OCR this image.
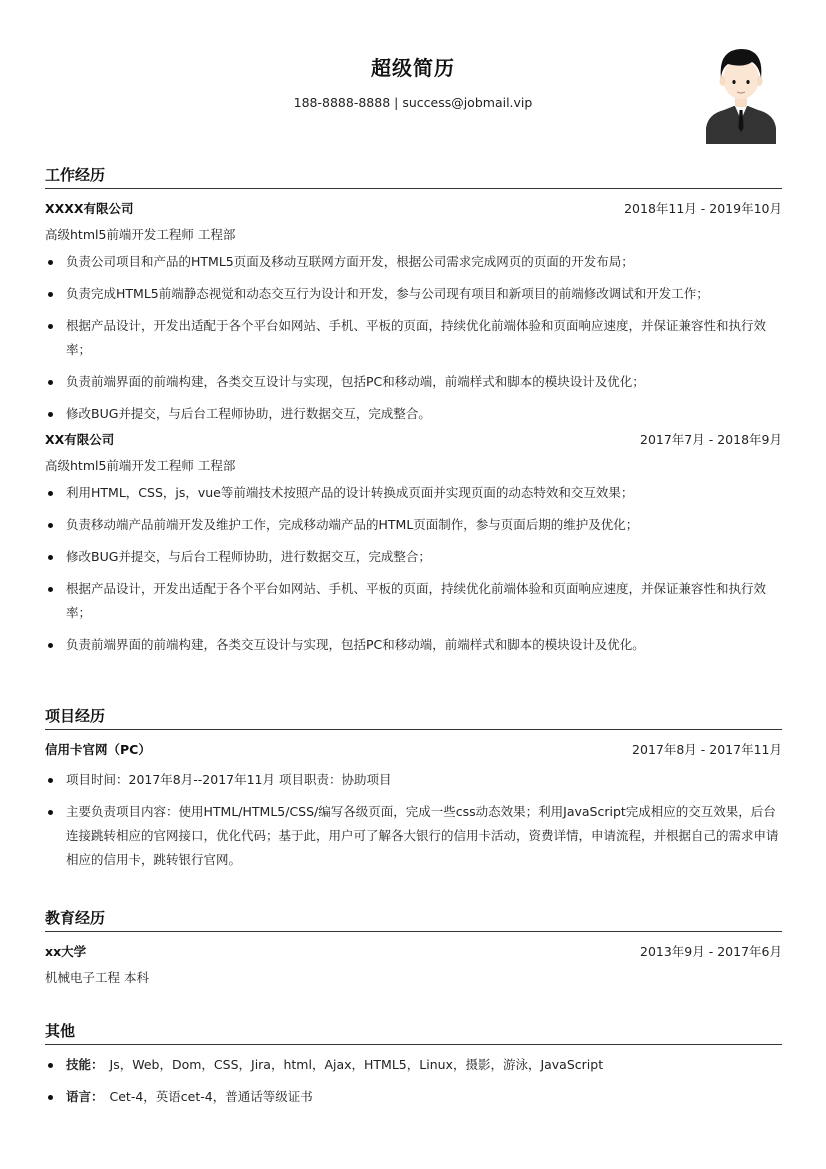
超级简历
188-8888-8888 | success@jobmail.vip
工作经历
XXXX有限公司	2018年11月 - 2019年10月
高级html5前端开发工程师 工程部
负责公司项目和产品的HTML5页面及移动互联网方面开发，根据公司需求完成网页的页面的开发布局；
负责完成HTML5前端静态视觉和动态交互行为设计和开发，参与公司现有项目和新项目的前端修改调试和开发工作；
根据产品设计，开发出适配于各个平台如网站、手机、平板的页面，持续优化前端体验和页面响应速度，并保证兼容性和执行效率；
负责前端界面的前端构建，各类交互设计与实现，包括PC和移动端，前端样式和脚本的模块设计及优化；
修改BUG并提交，与后台工程师协助，进行数据交互，完成整合。
XX有限公司	2017年7月 - 2018年9月
高级html5前端开发工程师 工程部
利用HTML，CSS，js，vue等前端技术按照产品的设计转换成页面并实现页面的动态特效和交互效果；
负责移动端产品前端开发及维护工作，完成移动端产品的HTML页面制作，参与页面后期的维护及优化；
修改BUG并提交，与后台工程师协助，进行数据交互，完成整合；
根据产品设计，开发出适配于各个平台如网站、手机、平板的页面，持续优化前端体验和页面响应速度，并保证兼容性和执行效率；
负责前端界面的前端构建，各类交互设计与实现，包括PC和移动端，前端样式和脚本的模块设计及优化。
项目经历
信用卡官网（PC）	2017年8月 - 2017年11月
项目时间：2017年8月--2017年11月 项目职责：协助项目
主要负责项目内容：使用HTML/HTML5/CSS/编写各级页面，完成一些css动态效果；利用JavaScript完成相应的交互效果，后台连接跳转相应的官网接口，优化代码；基于此，用户可了解各大银行的信用卡活动，资费详情，申请流程，并根据自己的需求申请相应的信用卡，跳转银行官网。
教育经历
xx大学	2013年9月 - 2017年6月
机械电子工程 本科
其他
技能： Js，Web，Dom，CSS，Jira，html，Ajax，HTML5，Linux，摄影，游泳，JavaScript
语言： Cet-4，英语cet-4，普通话等级证书
